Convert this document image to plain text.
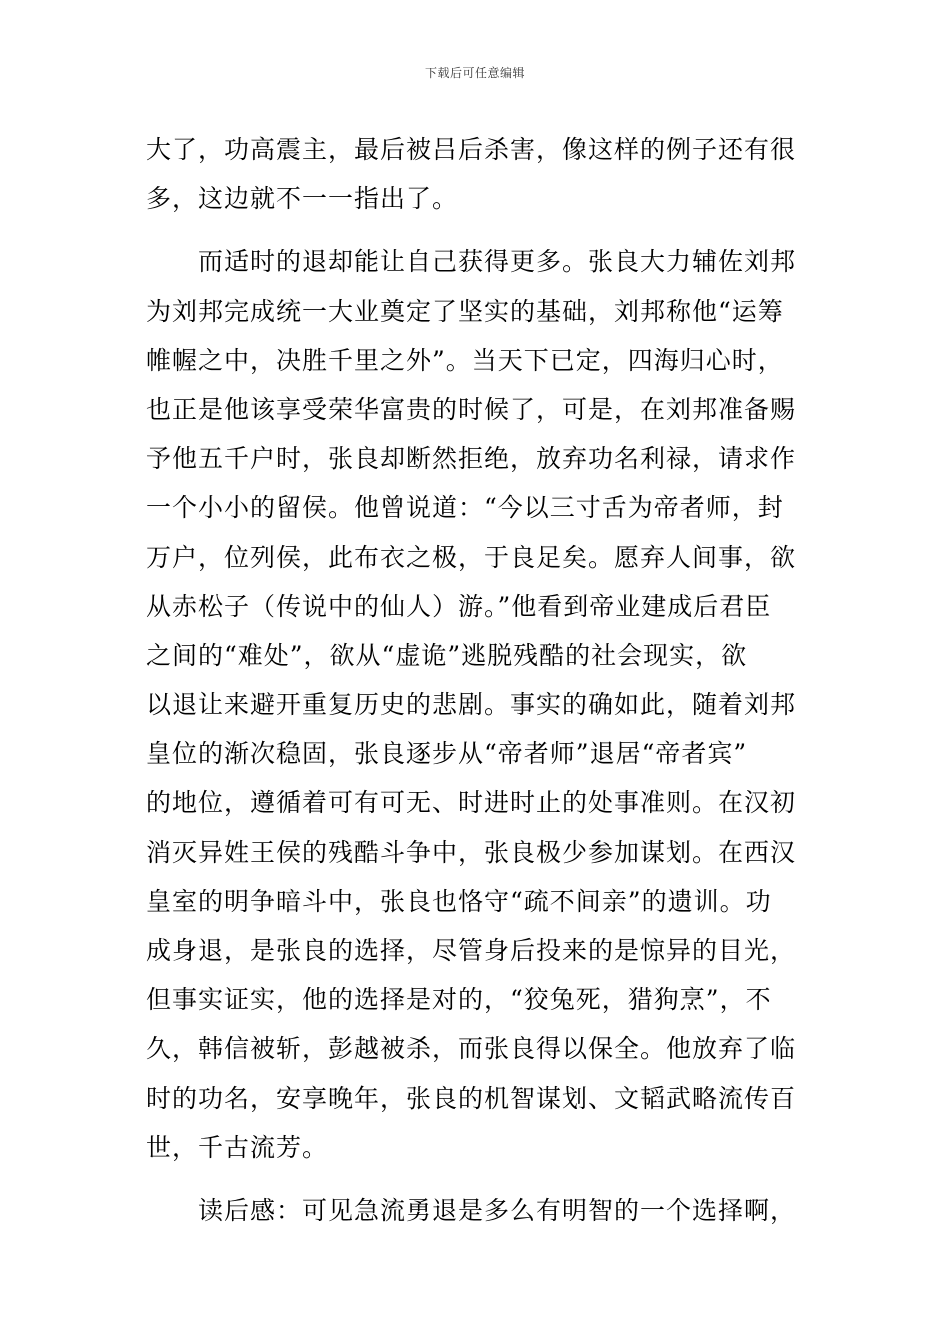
下载后可任意编辑
大了，功高震主，最后被吕后杀害，像这样的例子还有很
多，这边就不一一指出了。
而适时的退却能让自己获得更多。张良大力辅佐刘邦
为刘邦完成统一大业奠定了坚实的基础，刘邦称他“运筹
帷幄之中，决胜千里之外”。当天下已定，四海归心时，
也正是他该享受荣华富贵的时候了，可是，在刘邦准备赐
予他五千户时，张良却断然拒绝，放弃功名利禄，请求作
一个小小的留侯。他曾说道：“今以三寸舌为帝者师，封
万户，位列侯，此布衣之极，于良足矣。愿弃人间事，欲
从赤松子（传说中的仙人）游。”他看到帝业建成后君臣
之间的“难处”，欲从“虚诡”逃脱残酷的社会现实，欲
以退让来避开重复历史的悲剧。事实的确如此，随着刘邦
皇位的渐次稳固，张良逐步从“帝者师”退居“帝者宾”
的地位，遵循着可有可无、时进时止的处事准则。在汉初
消灭异姓王侯的残酷斗争中，张良极少参加谋划。在西汉
皇室的明争暗斗中，张良也恪守“疏不间亲”的遗训。功
成身退，是张良的选择，尽管身后投来的是惊异的目光，
但事实证实，他的选择是对的，“狡兔死，猎狗烹”，不
久，韩信被斩，彭越被杀，而张良得以保全。他放弃了临
时的功名，安享晚年，张良的机智谋划、文韬武略流传百
世，千古流芳。
读后感：可见急流勇退是多么有明智的一个选择啊，
